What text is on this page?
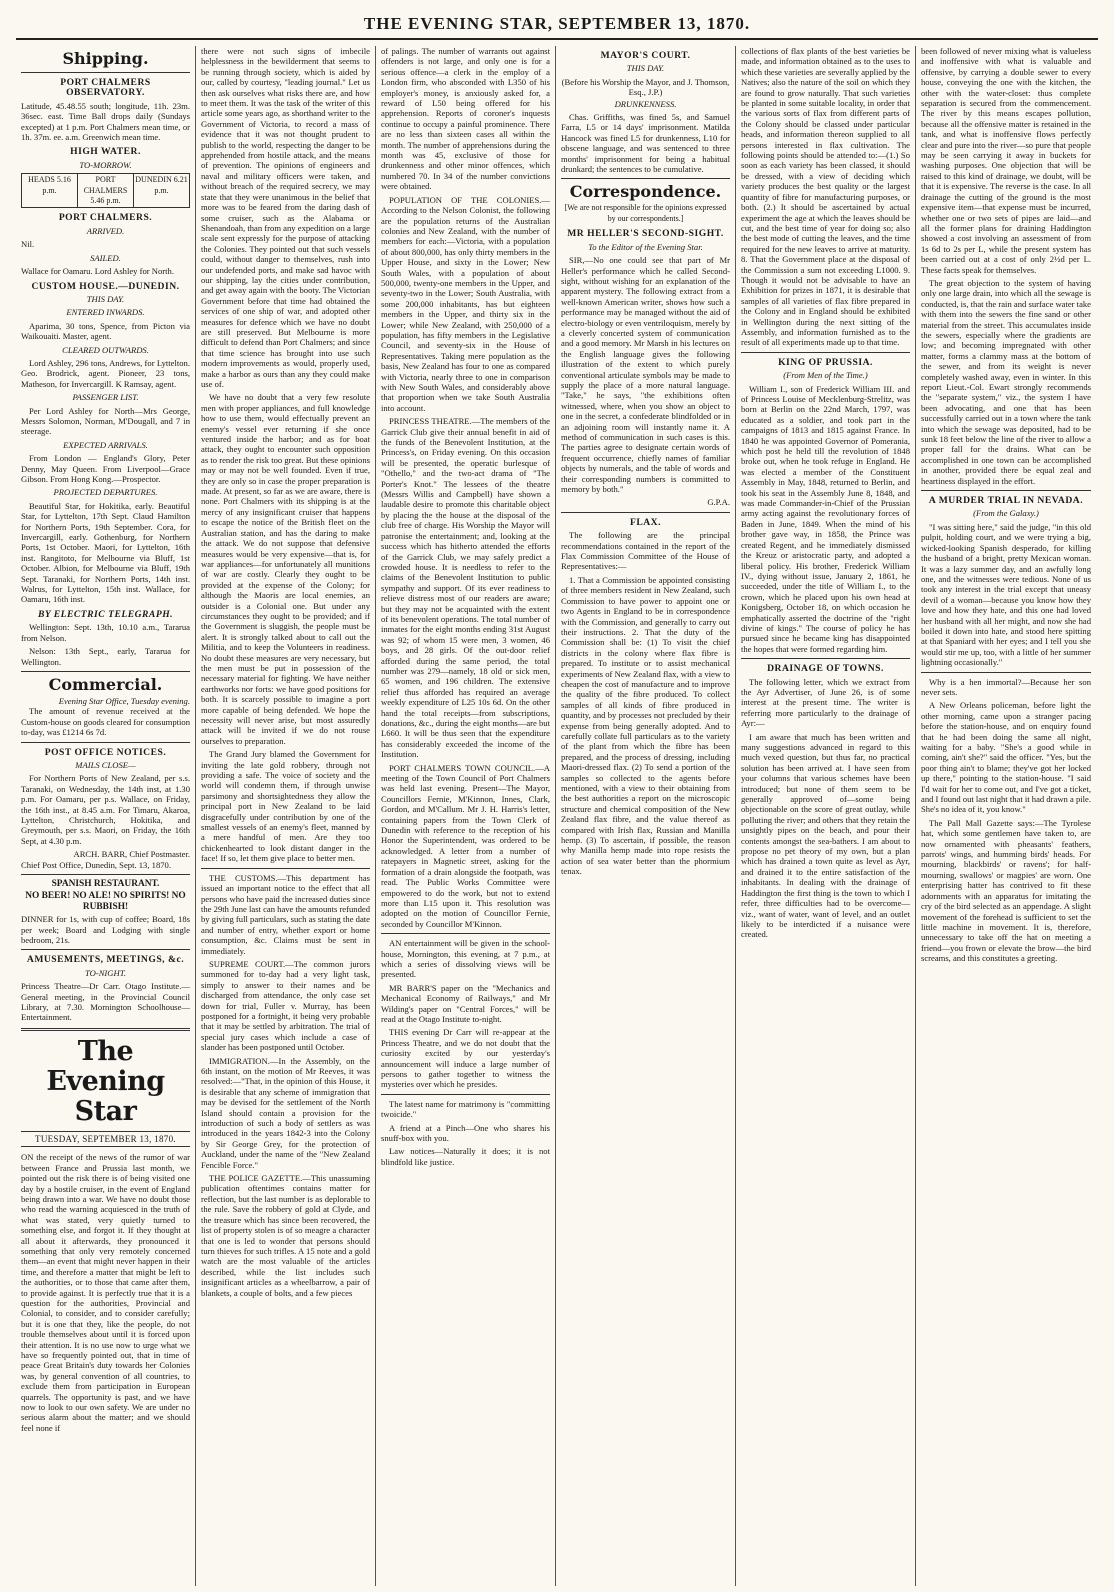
THE EVENING STAR, SEPTEMBER 13, 1870.
Shipping.
PORT CHALMERS OBSERVATORY.

Latitude, 45.48.55 south; longitude, 11h. 23m. 36sec. east. Time Ball drops daily (Sundays excepted) at 1 p.m. Port Chalmers mean time, or 1h. 37m. ee. a.m. Greenwich mean time.

HIGH WATER.
TO-MORROW.
HEADS 5.16 p.m.
PORT CHALMERS 5.46 p.m.
DUNEDIN 6.21 p.m.
PORT CHALMERS.
ARRIVED.

Nil.

SAILED.

Wallace for Oamaru. Lord Ashley for North.

CUSTOM HOUSE.—DUNEDIN.
THIS DAY.
ENTERED INWARDS.

Aparima, 30 tons, Spence, from Picton via Waikouaiti. Master, agent.

CLEARED OUTWARDS.

Lord Ashley, 296 tons, Andrews, for Lyttelton. Geo. Brodrick, agent. Pioneer, 23 tons, Matheson, for Invercargill. K Ramsay, agent.

PASSENGER LIST.

Per Lord Ashley for North—Mrs George, Messrs Solomon, Norman, M'Dougall, and 7 in steerage.

EXPECTED ARRIVALS.

From London — England's Glory, Peter Denny, May Queen. From Liverpool—Grace Gibson. From Hong Kong.—Prospector.

PROJECTED DEPARTURES.

Beautiful Star, for Hokitika, early. Beautiful Star, for Lyttelton, 17th Sept. Claud Hamilton for Northern Ports, 19th September. Cora, for Invercargill, early. Gothenburg, for Northern Ports, 1st October. Maori, for Lyttelton, 16th inst. Rangitoto, for Melbourne via Bluff, 1st October. Albion, for Melbourne via Bluff, 19th Sept. Taranaki, for Northern Ports, 14th inst. Walrus, for Lyttelton, 15th inst. Wallace, for Oamaru, 16th inst.

BY ELECTRIC TELEGRAPH.

Wellington: Sept. 13th, 10.10 a.m., Tararua from Nelson.

Nelson: 13th Sept., early, Tararua for Wellington.

Commercial.
Evening Star Office, Tuesday evening.

The amount of revenue received at the Custom-house on goods cleared for consumption to-day, was £1214 6s 7d.

POST OFFICE NOTICES.
MAILS CLOSE—

For Northern Ports of New Zealand, per s.s. Taranaki, on Wednesday, the 14th inst, at 1.30 p.m. For Oamaru, per p.s. Wallace, on Friday, the 16th inst., at 8.45 a.m. For Timaru, Akaroa, Lyttelton, Christchurch, Hokitika, and Greymouth, per s.s. Maori, on Friday, the 16th Sept, at 4.30 p.m.

ARCH. BARR, Chief Postmaster.
Chief Post Office, Dunedin, Sept. 13, 1870.
SPANISH RESTAURANT.
NO BEER! NO ALE! NO SPIRITS! NO RUBBISH!

DINNER for 1s, with cup of coffee; Board, 18s per week; Board and Lodging with single bedroom, 21s.

AMUSEMENTS, MEETINGS, &c.
TO-NIGHT.

Princess Theatre—Dr Carr. Otago Institute.—General meeting, in the Provincial Council Library, at 7.30. Mornington Schoolhouse—Entertainment.

The Evening Star
TUESDAY, SEPTEMBER 13, 1870.

ON the receipt of the news of the rumor of war between France and Prussia last month, we pointed out the risk there is of being visited one day by a hostile cruiser, in the event of England being drawn into a war. We have no doubt those who read the warning acquiesced in the truth of what was stated, very quietly turned to something else, and forgot it. If they thought at all about it afterwards, they pronounced it something that only very remotely concerned them—an event that might never happen in their time, and therefore a matter that might be left to the authorities, or to those that came after them, to provide against. It is perfectly true that it is a question for the authorities, Provincial and Colonial, to consider, and to consider carefully; but it is one that they, like the people, do not trouble themselves about until it is forced upon their attention. It is no use now to urge what we have so frequently pointed out, that in time of peace Great Britain's duty towards her Colonies was, by general convention of all countries, to exclude them from participation in European quarrels. The opportunity is past, and we have now to look to our own safety. We are under no serious alarm about the matter; and we should feel none if

there were not such signs of imbecile helplessness in the bewilderment that seems to be running through society, which is aided by our, called by courtesy, "leading journal." Let us then ask ourselves what risks there are, and how to meet them. It was the task of the writer of this article some years ago, as shorthand writer to the Government of Victoria, to record a mass of evidence that it was not thought prudent to publish to the world, respecting the danger to be apprehended from hostile attack, and the means of prevention. The opinions of engineers and naval and military officers were taken, and without breach of the required secrecy, we may state that they were unanimous in the belief that more was to be feared from the daring dash of some cruiser, such as the Alabama or Shenandoah, than from any expedition on a large scale sent expressly for the purpose of attacking the Colonies. They pointed out that such vessels could, without danger to themselves, rush into our undefended ports, and make sad havoc with our shipping, lay the cities under contribution, and get away again with the booty. The Victorian Government before that time had obtained the services of one ship of war, and adopted other measures for defence which we have no doubt are still preserved. But Melbourne is more difficult to defend than Port Chalmers; and since that time science has brought into use such modern improvements as would, properly used, make a harbor as ours than any they could make use of.

We have no doubt that a very few resolute men with proper appliances, and full knowledge how to use them, would effectually prevent an enemy's vessel ever returning if she once ventured inside the harbor; and as for boat attack, they ought to encounter such opposition as to render the risk too great. But these opinions may or may not be well founded. Even if true, they are only so in case the proper preparation is made. At present, so far as we are aware, there is none. Port Chalmers with its shipping is at the mercy of any insignificant cruiser that happens to escape the notice of the British fleet on the Australian station, and has the daring to make the attack. We do not suppose that defensive measures would be very expensive—that is, for war appliances—for unfortunately all munitions of war are costly. Clearly they ought to be provided at the expense of the Colony; for although the Maoris are local enemies, an outsider is a Colonial one. But under any circumstances they ought to be provided; and if the Government is sluggish, the people must be alert. It is strongly talked about to call out the Militia, and to keep the Volunteers in readiness. No doubt these measures are very necessary, but the men must be put in possession of the necessary material for fighting. We have neither earthworks nor forts: we have good positions for both. It is scarcely possible to imagine a port more capable of being defended. We hope the necessity will never arise, but most assuredly attack will be invited if we do not rouse ourselves to preparation.

The Grand Jury blamed the Government for inviting the late gold robbery, through not providing a safe. The voice of society and the world will condemn them, if through unwise parsimony and shortsightedness they allow the principal port in New Zealand to be laid disgracefully under contribution by one of the smallest vessels of an enemy's fleet, manned by a mere handful of men. Are they too chickenhearted to look distant danger in the face! If so, let them give place to better men.

THE CUSTOMS.—This department has issued an important notice to the effect that all persons who have paid the increased duties since the 29th June last can have the amounts refunded by giving full particulars, such as stating the date and number of entry, whether export or home consumption, &c. Claims must be sent in immediately.

SUPREME COURT.—The common jurors summoned for to-day had a very light task, simply to answer to their names and be discharged from attendance, the only case set down for trial, Fuller v. Murray, has been postponed for a fortnight, it being very probable that it may be settled by arbitration. The trial of special jury cases which include a case of slander has been postponed until October.

IMMIGRATION.—In the Assembly, on the 6th instant, on the motion of Mr Reeves, it was resolved:—"That, in the opinion of this House, it is desirable that any scheme of immigration that may be devised for the settlement of the North Island should contain a provision for the introduction of such a body of settlers as was introduced in the years 1842-3 into the Colony by Sir George Grey, for the protection of Auckland, under the name of the "New Zealand Fencible Force."

THE POLICE GAZETTE.—This unassuming publication oftentimes contains matter for reflection, but the last number is as deplorable to the rule. Save the robbery of gold at Clyde, and the treasure which has since been recovered, the list of property stolen is of so meagre a character that one is led to wonder that persons should turn thieves for such trifles. A 15 note and a gold watch are the most valuable of the articles described, while the list includes such insignificant articles as a wheelbarrow, a pair of blankets, a couple of bolts, and a few pieces

of palings. The number of warrants out against offenders is not large, and only one is for a serious offence—a clerk in the employ of a London firm, who absconded with L350 of his employer's money, is anxiously asked for, a reward of L50 being offered for his apprehension. Reports of coroner's inquests continue to occupy a painful prominence. There are no less than sixteen cases all within the month. The number of apprehensions during the month was 45, exclusive of those for drunkenness and other minor offences, which numbered 70. In 34 of the number convictions were obtained.

POPULATION OF THE COLONIES.—According to the Nelson Colonist, the following are the population returns of the Australian colonies and New Zealand, with the number of members for each:—Victoria, with a population of about 800,000, has only thirty members in the Upper House, and sixty in the Lower; New South Wales, with a population of about 500,000, twenty-one members in the Upper, and seventy-two in the Lower; South Australia, with some 200,000 inhabitants, has but eighteen members in the Upper, and thirty six in the Lower; while New Zealand, with 250,000 of a population, has fifty members in the Legislative Council, and seventy-six in the House of Representatives. Taking mere population as the basis, New Zealand has four to one as compared with Victoria, nearly three to one in comparison with New South Wales, and considerably above that proportion when we take South Australia into account.

PRINCESS THEATRE.—The members of the Garrick Club give their annual benefit in aid of the funds of the Benevolent Institution, at the Princess's, on Friday evening. On this occasion will be presented, the operatic burlesque of "Othello," and the two-act drama of "The Porter's Knot." The lessees of the theatre (Messrs Willis and Campbell) have shown a laudable desire to promote this charitable object by placing the the house at the disposal of the club free of charge. His Worship the Mayor will patronise the entertainment; and, looking at the success which has hitherto attended the efforts of the Garrick Club, we may safely predict a crowded house. It is needless to refer to the claims of the Benevolent Institution to public sympathy and support. Of its ever readiness to relieve distress most of our readers are aware; but they may not be acquainted with the extent of its benevolent operations. The total number of inmates for the eight months ending 31st August was 92; of whom 15 were men, 3 women, 46 boys, and 28 girls. Of the out-door relief afforded during the same period, the total number was 279—namely, 18 old or sick men, 65 women, and 196 children. The extensive relief thus afforded has required an average weekly expenditure of L25 10s 6d. On the other hand the total receipts—from subscriptions, donations, &c., during the eight months—are but L660. It will be thus seen that the expenditure has considerably exceeded the income of the Institution.

PORT CHALMERS TOWN COUNCIL.—A meeting of the Town Council of Port Chalmers was held last evening. Present—The Mayor, Councillors Fernie, M'Kinnon, Innes, Clark, Gordon, and M'Callum. Mr J. H. Harris's letter, containing papers from the Town Clerk of Dunedin with reference to the reception of his Honor the Superintendent, was ordered to be acknowledged. A letter from a number of ratepayers in Magnetic street, asking for the formation of a drain alongside the footpath, was read. The Public Works Committee were empowered to do the work, but not to extend more than L15 upon it. This resolution was adopted on the motion of Councillor Fernie, seconded by Councillor M'Kinnon.

AN entertainment will be given in the school-house, Mornington, this evening, at 7 p.m., at which a series of dissolving views will be presented.

MR BARR'S paper on the "Mechanics and Mechanical Economy of Railways," and Mr Wilding's paper on "Central Forces," will be read at the Otago Institute to-night.

THIS evening Dr Carr will re-appear at the Princess Theatre, and we do not doubt that the curiosity excited by our yesterday's announcement will induce a large number of persons to gather together to witness the mysteries over which he presides.

The latest name for matrimony is "committing twoicide."

A friend at a Pinch—One who shares his snuff-box with you.

Law notices—Naturally it does; it is not blindfold like justice.

MAYOR'S COURT.
THIS DAY.
(Before his Worship the Mayor, and J. Thomson, Esq., J.P.)
DRUNKENNESS.

Chas. Griffiths, was fined 5s, and Samuel Farra, L5 or 14 days' imprisonment. Matilda Hancock was fined L5 for drunkenness, L10 for obscene language, and was sentenced to three months' imprisonment for being a habitual drunkard; the sentences to be cumulative.

Correspondence.
[We are not responsible for the opinions expressed by our correspondents.]
MR HELLER'S SECOND-SIGHT.
To the Editor of the Evening Star.

SIR,—No one could see that part of Mr Heller's performance which he called Second-sight, without wishing for an explanation of the apparent mystery. The following extract from a well-known American writer, shows how such a performance may be managed without the aid of electro-biology or even ventriloquism, merely by a cleverly concerted system of communication and a good memory. Mr Marsh in his lectures on the English language gives the following illustration of the extent to which purely conventional articulate symbols may be made to supply the place of a more natural language. "Take," he says, "the exhibitions often witnessed, where, when you show an object to one in the secret, a confederate blindfolded or in an adjoining room will instantly name it. A method of communication in such cases is this. The parties agree to designate certain words of frequent occurrence, chiefly names of familiar objects by numerals, and the table of words and their corresponding numbers is committed to memory by both."

G.P.A.
FLAX.

The following are the principal recommendations contained in the report of the Flax Commission Committee of the House of Representatives:—

1. That a Commission be appointed consisting of three members resident in New Zealand, such Commission to have power to appoint one or two Agents in England to be in correspondence with the Commission, and generally to carry out their instructions. 2. That the duty of the Commission shall be: (1) To visit the chief districts in the colony where flax fibre is prepared. To institute or to assist mechanical experiments of New Zealand flax, with a view to cheapen the cost of manufacture and to improve the quality of the fibre produced. To collect samples of all kinds of fibre produced in quantity, and by processes not precluded by their expense from being generally adopted. And to carefully collate full particulars as to the variety of the plant from which the fibre has been prepared, and the process of dressing, including Maori-dressed flax. (2) To send a portion of the samples so collected to the agents before mentioned, with a view to their obtaining from the best authorities a report on the microscopic structure and chemical composition of the New Zealand flax fibre, and the value thereof as compared with Irish flax, Russian and Manilla hemp. (3) To ascertain, if possible, the reason why Manilla hemp made into rope resists the action of sea water better than the phormium tenax.

collections of flax plants of the best varieties be made, and information obtained as to the uses to which these varieties are severally applied by the Natives; also the nature of the soil on which they are found to grow naturally. That such varieties be planted in some suitable locality, in order that the various sorts of flax from different parts of the Colony should be classed under particular heads, and information thereon supplied to all persons interested in flax cultivation. The following points should be attended to:—(1.) So soon as each variety has been classed, it should be dressed, with a view of deciding which variety produces the best quality or the largest quantity of fibre for manufacturing purposes, or both. (2.) It should be ascertained by actual experiment the age at which the leaves should be cut, and the best time of year for doing so; also the best mode of cutting the leaves, and the time required for the new leaves to arrive at maturity. 8. That the Government place at the disposal of the Commission a sum not exceeding L1000. 9. Though it would not be advisable to have an Exhibition for prizes in 1871, it is desirable that samples of all varieties of flax fibre prepared in the Colony and in England should be exhibited in Wellington during the next sitting of the Assembly, and information furnished as to the result of all experiments made up to that time.

KING OF PRUSSIA.
(From Men of the Time.)

William I., son of Frederick William III. and of Princess Louise of Mecklenburg-Strelitz, was born at Berlin on the 22nd March, 1797, was educated as a soldier, and took part in the campaigns of 1813 and 1815 against France. In 1840 he was appointed Governor of Pomerania, which post he held till the revolution of 1848 broke out, when he took refuge in England. He was elected a member of the Constituent Assembly in May, 1848, returned to Berlin, and took his seat in the Assembly June 8, 1848, and was made Commander-in-Chief of the Prussian army acting against the revolutionary forces of Baden in June, 1849. When the mind of his brother gave way, in 1858, the Prince was created Regent, and he immediately dismissed the Kreuz or aristocratic party, and adopted a liberal policy. His brother, Frederick William IV., dying without issue, January 2, 1861, he succeeded, under the title of William I., to the crown, which he placed upon his own head at Konigsberg, October 18, on which occasion he emphatically asserted the doctrine of the "right divine of kings." The course of policy he has pursued since he became king has disappointed the hopes that were formed regarding him.

DRAINAGE OF TOWNS.

The following letter, which we extract from the Ayr Advertiser, of June 26, is of some interest at the present time. The writer is referring more particularly to the drainage of Ayr:—

I am aware that much has been written and many suggestions advanced in regard to this much vexed question, but thus far, no practical solution has been arrived at. I have seen from your columns that various schemes have been introduced; but none of them seem to be generally approved of—some being objectionable on the score of great outlay, while polluting the river; and others that they retain the unsightly pipes on the beach, and pour their contents amongst the sea-bathers. I am about to propose no pet theory of my own, but a plan which has drained a town quite as level as Ayr, and drained it to the entire satisfaction of the inhabitants. In dealing with the drainage of Haddington the first thing is the town to which I refer, three difficulties had to be overcome—viz., want of water, want of level, and an outlet likely to be interdicted if a nuisance were created.

been followed of never mixing what is valueless and inoffensive with what is valuable and offensive, by carrying a double sewer to every house, conveying the one with the kitchen, the other with the water-closet: thus complete separation is secured from the commencement. The river by this means escapes pollution, because all the offensive matter is retained in the tank, and what is inoffensive flows perfectly clear and pure into the river—so pure that people may be seen carrying it away in buckets for washing purposes. One objection that will be raised to this kind of drainage, we doubt, will be that it is expensive. The reverse is the case. In all drainage the cutting of the ground is the most expensive item—that expense must be incurred, whether one or two sets of pipes are laid—and all the former plans for draining Haddington showed a cost involving an assessment of from 1s 6d to 2s per L, while the present system has been carried out at a cost of only 2½d per L. These facts speak for themselves.

The great objection to the system of having only one large drain, into which all the sewage is conducted, is, that the rain and surface water take with them into the sewers the fine sand or other material from the street. This accumulates inside the sewers, especially where the gradients are low; and becoming impregnated with other matter, forms a clammy mass at the bottom of the sewer, and from its weight is never completely washed away, even in winter. In this report Lieut.-Col. Ewart strongly recommends the "separate system," viz., the system I have been advocating, and one that has been successfully carried out in a town where the tank into which the sewage was deposited, had to be sunk 18 feet below the line of the river to allow a proper fall for the drains. What can be accomplished in one town can be accomplished in another, provided there be equal zeal and heartiness displayed in the effort.

A MURDER TRIAL IN NEVADA.
(From the Galaxy.)

"I was sitting here," said the judge, "in this old pulpit, holding court, and we were trying a big, wicked-looking Spanish desperado, for killing the husband of a bright, pretty Mexican woman. It was a lazy summer day, and an awfully long one, and the witnesses were tedious. None of us took any interest in the trial except that uneasy devil of a woman—because you know how they love and how they hate, and this one had loved her husband with all her might, and now she had boiled it down into hate, and stood here spitting at that Spaniard with her eyes; and I tell you she would stir me up, too, with a little of her summer lightning occasionally."

Why is a hen immortal?—Because her son never sets.

A New Orleans policeman, before light the other morning, came upon a stranger pacing before the station-house, and on enquiry found that he had been doing the same all night, waiting for a baby. "She's a good while in coming, ain't she?" said the officer. "Yes, but the poor thing ain't to blame; they've got her locked up there," pointing to the station-house. "I said I'd wait for her to come out, and I've got a ticket, and I found out last night that it had drawn a pile. She's no idea of it, you know."

The Pall Mall Gazette says:—The Tyrolese hat, which some gentlemen have taken to, are now ornamented with pheasants' feathers, parrots' wings, and humming birds' heads. For mourning, blackbirds' or ravens'; for half-mourning, swallows' or magpies' are worn. One enterprising hatter has contrived to fit these adornments with an apparatus for imitating the cry of the bird selected as an appendage. A slight movement of the forehead is sufficient to set the little machine in movement. It is, therefore, unnecessary to take off the hat on meeting a friend—you frown or elevate the brow—the bird screams, and this constitutes a greeting.
